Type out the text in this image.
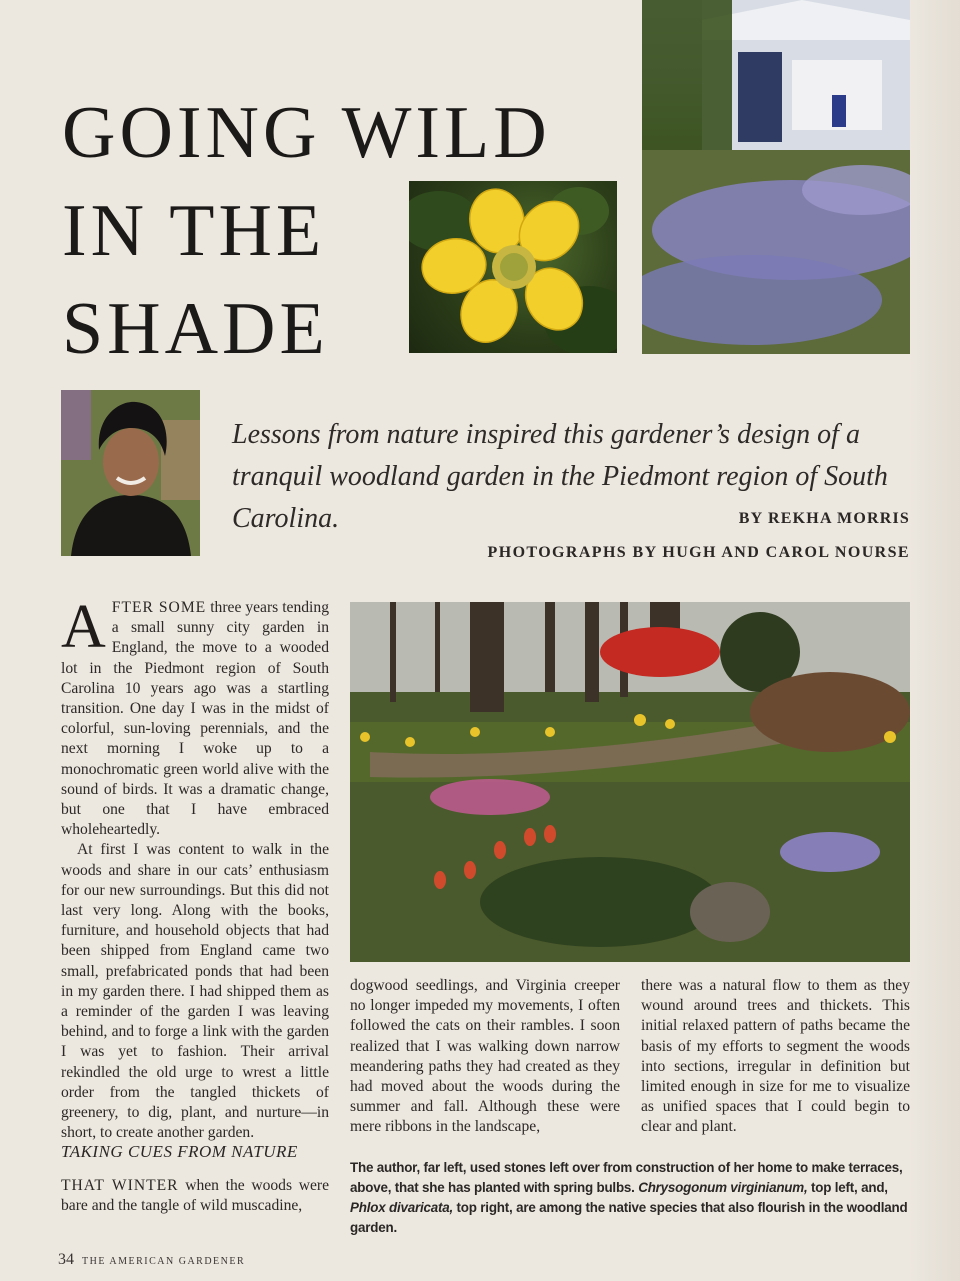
GOING WILD
IN THE
SHADE
Lessons from nature inspired this gardener’s design of a tranquil woodland garden in the Piedmont region of South Carolina.	BY REKHA MORRIS
PHOTOGRAPHS BY HUGH AND CAROL NOURSE

AFTER SOME three years tending a small sunny city garden in England, the move to a wooded lot in the Piedmont region of South Carolina 10 years ago was a startling transition. One day I was in the midst of colorful, sun-loving perennials, and the next morning I woke up to a monochromatic green world alive with the sound of birds. It was a dramatic change, but one that I have embraced wholeheartedly.

At first I was content to walk in the woods and share in our cats’ enthusiasm for our new surroundings. But this did not last very long. Along with the books, furniture, and household objects that had been shipped from England came two small, prefabricated ponds that had been in my garden there. I had shipped them as a reminder of the garden I was leaving behind, and to forge a link with the garden I was yet to fashion. Their arrival rekindled the old urge to wrest a little order from the tangled thickets of greenery, to dig, plant, and nurture—in short, to create another garden.

TAKING CUES FROM NATURE

THAT WINTER when the woods were bare and the tangle of wild muscadine,

dogwood seedlings, and Virginia creeper no longer impeded my movements, I often followed the cats on their rambles. I soon realized that I was walking down narrow meandering paths they had created as they had moved about the woods during the summer and fall. Although these were mere ribbons in the landscape,
there was a natural flow to them as they wound around trees and thickets. This initial relaxed pattern of paths became the basis of my efforts to segment the woods into sections, irregular in definition but limited enough in size for me to visualize as unified spaces that I could begin to clear and plant.
The author, far left, used stones left over from construction of her home to make terraces, above, that she has planted with spring bulbs. Chrysogonum virginianum, top left, and, Phlox divaricata, top right, are among the native species that also flourish in the woodland garden.
34 THE AMERICAN GARDENER
